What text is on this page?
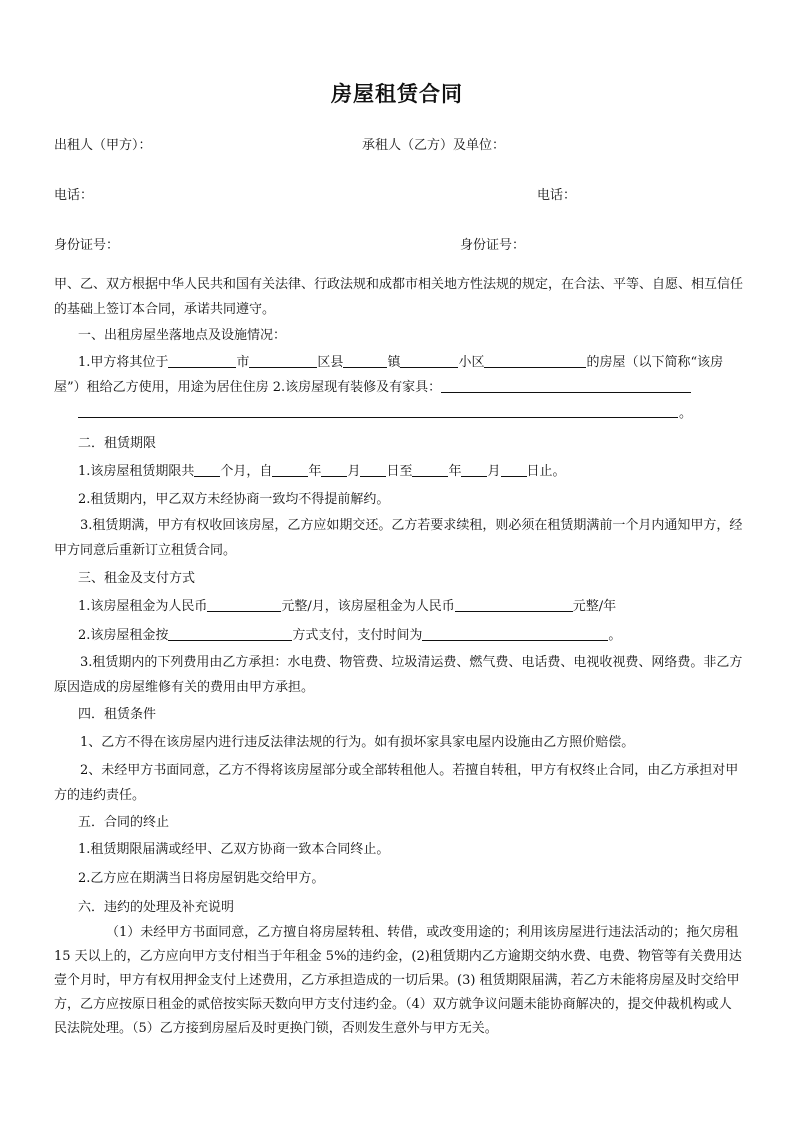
房屋租赁合同
出租人（甲方）：	承租人（乙方）及单位：
电话：	电话：
身份证号：	身份证号：
甲、乙、双方根据中华人民共和国有关法律、行政法规和成都市相关地方性法规的规定，在合法、平等、自愿、相互信任的基础上签订本合同，承诺共同遵守。
一、出租房屋坐落地点及设施情况：
1.甲方将其位于	市	区县	镇	小区	的房屋（以下简称“该房屋”）租给乙方使用，用途为居住住房 2.该房屋现有装修及有家具：
。
二．租赁期限
1.该房屋租赁期限共 个月，自	年 月 日至	年 月 日止。
2.租赁期内，甲乙双方未经协商一致均不得提前解约。
3.租赁期满，甲方有权收回该房屋，乙方应如期交还。乙方若要求续租，则必须在租赁期满前一个月内通知甲方，经甲方同意后重新订立租赁合同。
三、租金及支付方式
1.该房屋租金为人民币	元整/月，该房屋租金为人民币	元整/年
2.该房屋租金按	方式支付，支付时间为	。
3.租赁期内的下列费用由乙方承担：水电费、物管费、垃圾清运费、燃气费、电话费、电视收视费、网络费。非乙方原因造成的房屋维修有关的费用由甲方承担。
四．租赁条件
1、乙方不得在该房屋内进行违反法律法规的行为。如有损坏家具家电屋内设施由乙方照价赔偿。
2、未经甲方书面同意，乙方不得将该房屋部分或全部转租他人。若擅自转租，甲方有权终止合同，由乙方承担对甲方的违约责任。
五．合同的终止
1.租赁期限届满或经甲、乙双方协商一致本合同终止。
2.乙方应在期满当日将房屋钥匙交给甲方。
六．违约的处理及补充说明
（1）未经甲方书面同意，乙方擅自将房屋转租、转借，或改变用途的；利用该房屋进行违法活动的；拖欠房租 15 天以上的，乙方应向甲方支付相当于年租金 5%的违约金，(2)租赁期内乙方逾期交纳水费、电费、物管等有关费用达壹个月时，甲方有权用押金支付上述费用，乙方承担造成的一切后果。(3) 租赁期限届满，若乙方未能将房屋及时交给甲方，乙方应按原日租金的贰倍按实际天数向甲方支付违约金。（4）双方就争议问题未能协商解决的，提交仲裁机构或人民法院处理。（5）乙方接到房屋后及时更换门锁，否则发生意外与甲方无关。
